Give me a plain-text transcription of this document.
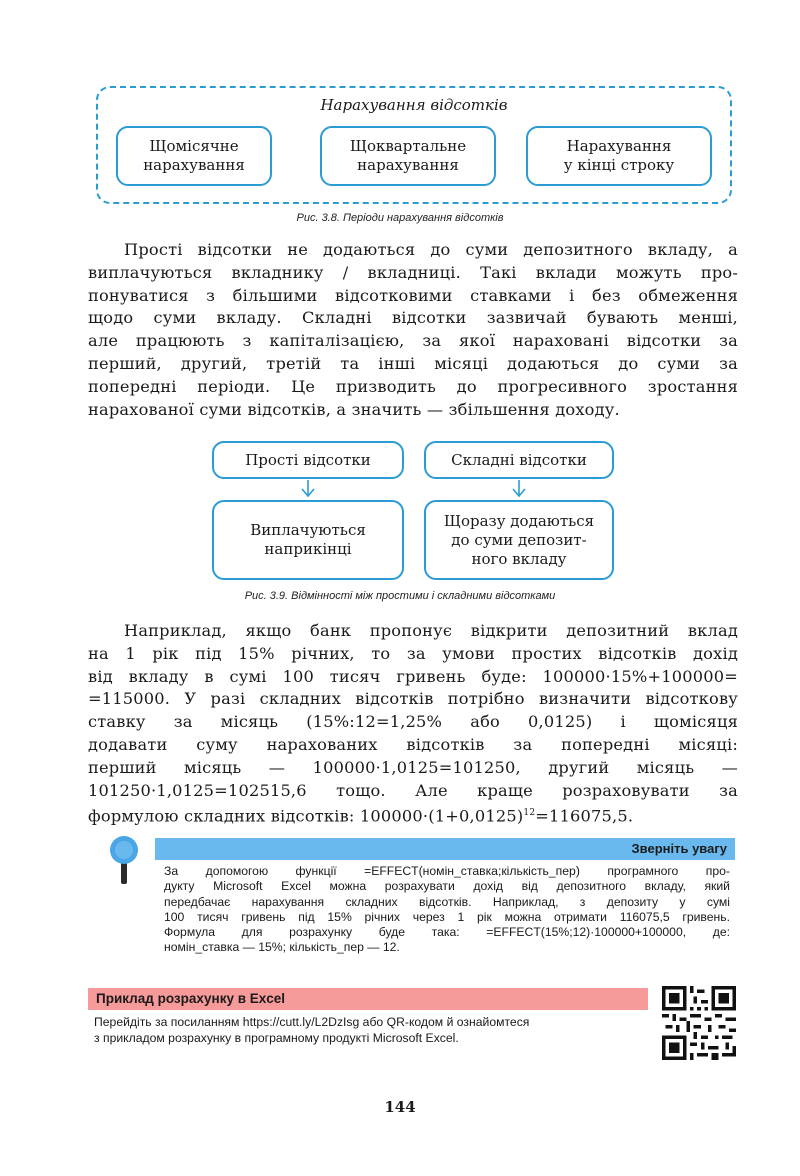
Нарахування відсотків
Щомісячне
нарахування
Щоквартальне
нарахування
Нарахування
у кінці строку
Рис. 3.8. Періоди нарахування відсотків
Прості відсотки не додаються до суми депозитного вкладу, а
виплачуються вкладнику / вкладниці. Такі вклади можуть про-
понуватися з більшими відсотковими ставками і без обмеження
щодо суми вкладу. Складні відсотки зазвичай бувають менші,
але працюють з капіталізацією, за якої нараховані відсотки за
перший, другий, третій та інші місяці додаються до суми за
попередні періоди. Це призводить до прогресивного зростання
нарахованої суми відсотків, а значить — збільшення доходу.
Прості відсотки	Складні відсотки
Виплачуються
наприкінці
Щоразу додаються
до суми депозит-
ного вкладу
Рис. 3.9. Відмінності між простими і складними відсотками
Наприклад, якщо банк пропонує відкрити депозитний вклад
на 1 рік під 15% річних, то за умови простих відсотків дохід
від вкладу в сумі 100 тисяч гривень буде: 100000·15%+100000=
=115000. У разі складних відсотків потрібно визначити відсоткову
ставку за місяць (15%:12=1,25% або 0,0125) і щомісяця
додавати суму нарахованих відсотків за попередні місяці:
перший місяць — 100000·1,0125=101250, другий місяць —
101250·1,0125=102515,6 тощо. Але краще розраховувати за
формулою складних відсотків: $100000\cdot(1+0,0125)^{12}=116075,5$.
Зверніть увагу
За допомогою функції =EFFECT(номін_ставка;кількість_пер) програмного про-
дукту Microsoft Excel можна розрахувати дохід від депозитного вкладу, який
передбачає нарахування складних відсотків. Наприклад, з депозиту у сумі
100 тисяч гривень під 15% річних через 1 рік можна отримати 116075,5 гривень.
Формула для розрахунку буде така: =EFFECT(15%;12)·100000+100000, де:
номін_ставка — 15%; кількість_пер — 12.
Приклад розрахунку в Excel
Перейдіть за посиланням https://cutt.ly/L2DzIsg або QR-кодом й ознайомтеся
з прикладом розрахунку в програмному продукті Microsoft Excel.
144
